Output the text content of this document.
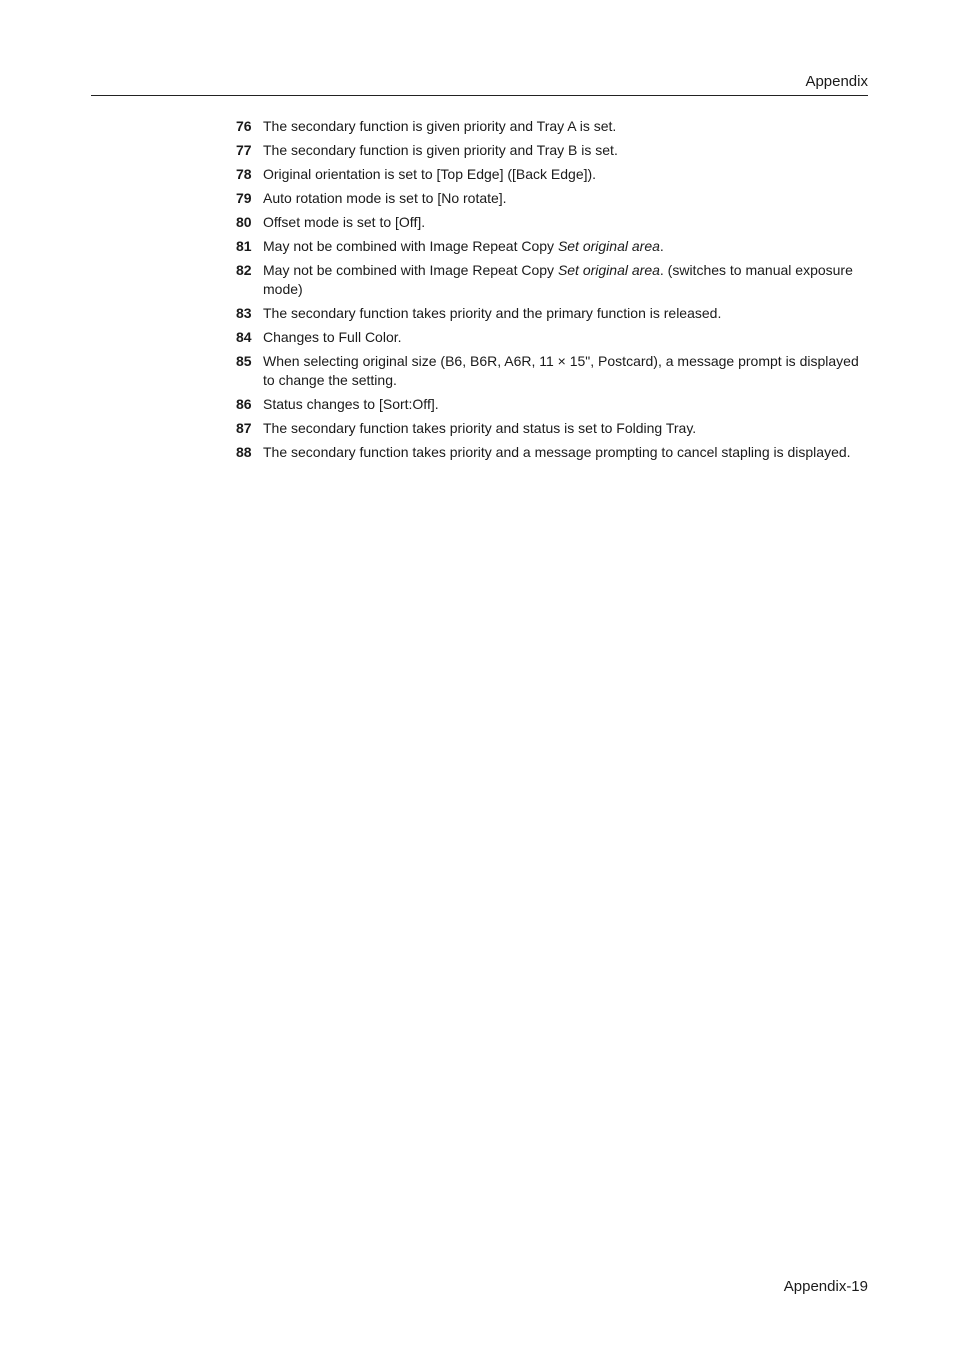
Appendix
76 The secondary function is given priority and Tray A is set.
77 The secondary function is given priority and Tray B is set.
78 Original orientation is set to [Top Edge] ([Back Edge]).
79 Auto rotation mode is set to [No rotate].
80 Offset mode is set to [Off].
81 May not be combined with Image Repeat Copy Set original area.
82 May not be combined with Image Repeat Copy Set original area. (switches to manual exposure mode)
83 The secondary function takes priority and the primary function is released.
84 Changes to Full Color.
85 When selecting original size (B6, B6R, A6R, 11 × 15", Postcard), a message prompt is displayed to change the setting.
86 Status changes to [Sort:Off].
87 The secondary function takes priority and status is set to Folding Tray.
88 The secondary function takes priority and a message prompting to cancel stapling is displayed.
Appendix-19
